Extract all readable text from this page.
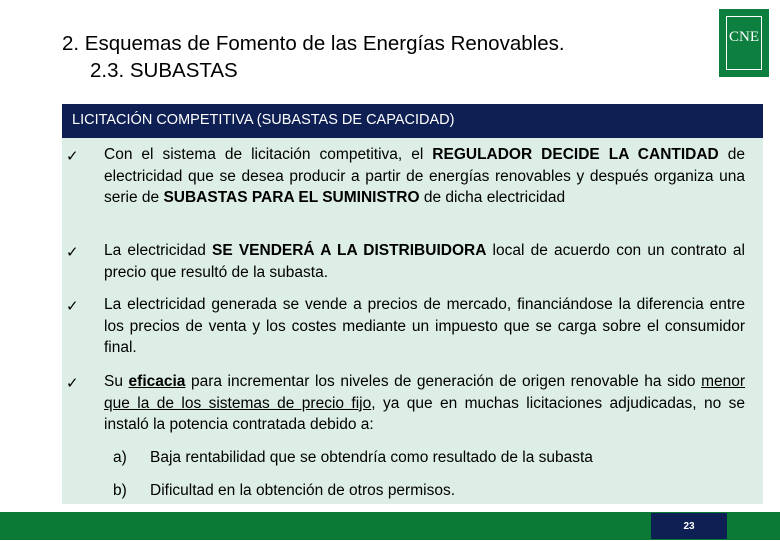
2. Esquemas de Fomento de las Energías Renovables.
2.3. SUBASTAS
CNE
LICITACIÓN COMPETITIVA (SUBASTAS DE CAPACIDAD)
✓ Con el sistema de licitación competitiva, el REGULADOR DECIDE LA CANTIDAD de electricidad que se desea producir a partir de energías renovables y después organiza una serie de SUBASTAS PARA EL SUMINISTRO de dicha electricidad
✓ La electricidad SE VENDERÁ A LA DISTRIBUIDORA local de acuerdo con un contrato al precio que resultó de la subasta.
✓ La electricidad generada se vende a precios de mercado, financiándose la diferencia entre los precios de venta y los costes mediante un impuesto que se carga sobre el consumidor final.
✓ Su eficacia para incrementar los niveles de generación de origen renovable ha sido menor que la de los sistemas de precio fijo, ya que en muchas licitaciones adjudicadas, no se instaló la potencia contratada debido a:
a) Baja rentabilidad que se obtendría como resultado de la subasta
b) Dificultad en la obtención de otros permisos.
23
